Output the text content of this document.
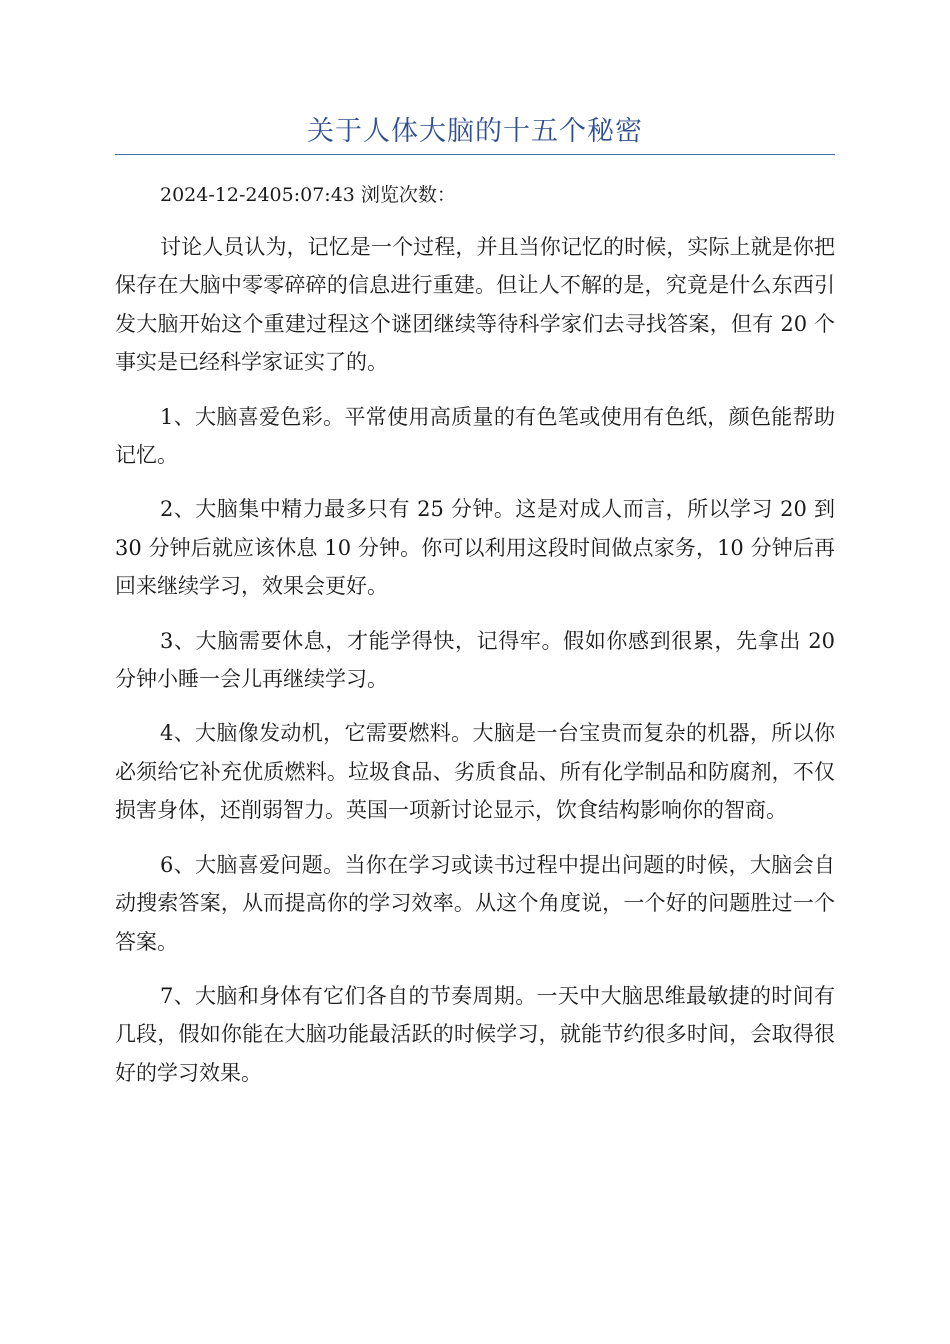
关于人体大脑的十五个秘密
2024-12-2405:07:43 浏览次数：

讨论人员认为，记忆是一个过程，并且当你记忆的时候，实际上就是你把保存在大脑中零零碎碎的信息进行重建。但让人不解的是，究竟是什么东西引发大脑开始这个重建过程这个谜团继续等待科学家们去寻找答案，但有 20 个事实是已经科学家证实了的。

1、大脑喜爱色彩。平常使用高质量的有色笔或使用有色纸，颜色能帮助记忆。

2、大脑集中精力最多只有 25 分钟。这是对成人而言，所以学习 20 到 30 分钟后就应该休息 10 分钟。你可以利用这段时间做点家务，10 分钟后再回来继续学习，效果会更好。

3、大脑需要休息，才能学得快，记得牢。假如你感到很累，先拿出 20 分钟小睡一会儿再继续学习。

4、大脑像发动机，它需要燃料。大脑是一台宝贵而复杂的机器，所以你必须给它补充优质燃料。垃圾食品、劣质食品、所有化学制品和防腐剂，不仅损害身体，还削弱智力。英国一项新讨论显示，饮食结构影响你的智商。

6、大脑喜爱问题。当你在学习或读书过程中提出问题的时候，大脑会自动搜索答案，从而提高你的学习效率。从这个角度说，一个好的问题胜过一个答案。

7、大脑和身体有它们各自的节奏周期。一天中大脑思维最敏捷的时间有几段，假如你能在大脑功能最活跃的时候学习，就能节约很多时间，会取得很好的学习效果。
